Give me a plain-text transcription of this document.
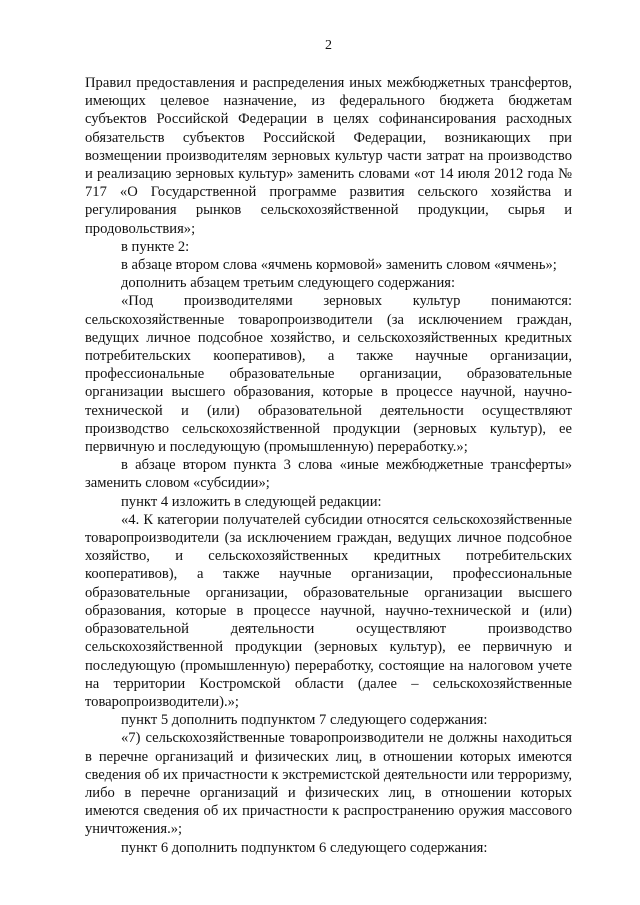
2

Правил предоставления и распределения иных межбюджетных трансфертов, имеющих целевое назначение, из федерального бюджета бюджетам субъектов Российской Федерации в целях софинансирования расходных обязательств субъектов Российской Федерации, возникающих при возмещении производителям зерновых культур части затрат на производство и реализацию зерновых культур» заменить словами «от 14 июля 2012 года № 717 «О Государственной программе развития сельского хозяйства и регулирования рынков сельскохозяйственной продукции, сырья и продовольствия»;

в пункте 2:

в абзаце втором слова «ячмень кормовой» заменить словом «ячмень»;

дополнить абзацем третьим следующего содержания:

«Под производителями зерновых культур понимаются: сельскохозяйственные товаропроизводители (за исключением граждан, ведущих личное подсобное хозяйство, и сельскохозяйственных кредитных потребительских кооперативов), а также научные организации, профессиональные образовательные организации, образовательные организации высшего образования, которые в процессе научной, научно-технической и (или) образовательной деятельности осуществляют производство сельскохозяйственной продукции (зерновых культур), ее первичную и последующую (промышленную) переработку.»;

в абзаце втором пункта 3 слова «иные межбюджетные трансферты» заменить словом «субсидии»;

пункт 4 изложить в следующей редакции:

«4. К категории получателей субсидии относятся сельскохозяйственные товаропроизводители (за исключением граждан, ведущих личное подсобное хозяйство, и сельскохозяйственных кредитных потребительских кооперативов), а также научные организации, профессиональные образовательные организации, образовательные организации высшего образования, которые в процессе научной, научно-технической и (или) образовательной деятельности осуществляют производство сельскохозяйственной продукции (зерновых культур), ее первичную и последующую (промышленную) переработку, состоящие на налоговом учете на территории Костромской области (далее – сельскохозяйственные товаропроизводители).»;

пункт 5 дополнить подпунктом 7 следующего содержания:

«7) сельскохозяйственные товаропроизводители не должны находиться в перечне организаций и физических лиц, в отношении которых имеются сведения об их причастности к экстремистской деятельности или терроризму, либо в перечне организаций и физических лиц, в отношении которых имеются сведения об их причастности к распространению оружия массового уничтожения.»;

пункт 6 дополнить подпунктом 6 следующего содержания:
